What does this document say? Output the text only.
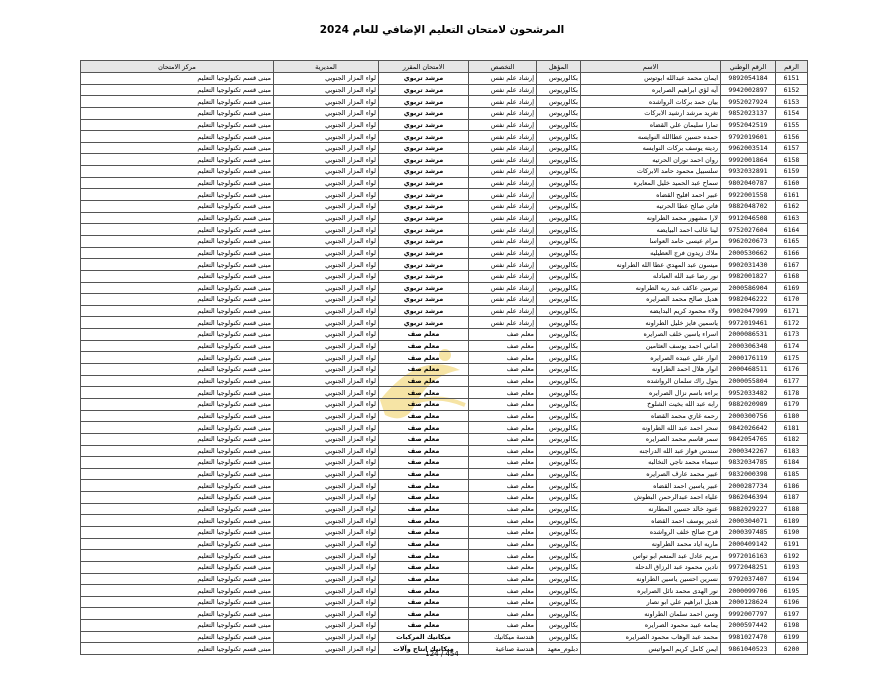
المرشحون لامتحان التعليم الإضافي للعام 2024
الرقم	الرقم الوطني	الاسم	المؤهل	التخصص	الامتحان المقرر	المديرية	مركز الامتحان
6151	9892054184	ايمان محمد عبدالله ابوتوس	بكالوريوس	إرشاد علم نفس	مرشد تربوي	لواء المزار الجنوبي	مبنى قسم تكنولوجيا التعليم
6152	9942002897	آيه لؤي ابراهيم الصرايره	بكالوريوس	إرشاد علم نفس	مرشد تربوي	لواء المزار الجنوبي	مبنى قسم تكنولوجيا التعليم
6153	9952027924	بيان حمد بركات الرواشده	بكالوريوس	إرشاد علم نفس	مرشد تربوي	لواء المزار الجنوبي	مبنى قسم تكنولوجيا التعليم
6154	9852023137	تغريد مرشد ارشيد الابركات	بكالوريوس	إرشاد علم نفس	مرشد تربوي	لواء المزار الجنوبي	مبنى قسم تكنولوجيا التعليم
6155	9952042519	تمارا سليمان علي القضاه	بكالوريوس	إرشاد علم نفس	مرشد تربوي	لواء المزار الجنوبي	مبنى قسم تكنولوجيا التعليم
6156	9792019601	حمده حسين عطاالله النوايسه	بكالوريوس	إرشاد علم نفس	مرشد تربوي	لواء المزار الجنوبي	مبنى قسم تكنولوجيا التعليم
6157	9962003514	رديته يوسف بركات النوايسه	بكالوريوس	إرشاد علم نفس	مرشد تربوي	لواء المزار الجنوبي	مبنى قسم تكنولوجيا التعليم
6158	9992001864	روان احمد نوران الحرتيه	بكالوريوس	إرشاد علم نفس	مرشد تربوي	لواء المزار الجنوبي	مبنى قسم تكنولوجيا التعليم
6159	9932032891	سلسبيل محمود حامد الابركات	بكالوريوس	إرشاد علم نفس	مرشد تربوي	لواء المزار الجنوبي	مبنى قسم تكنولوجيا التعليم
6160	9802040787	سماح عبد الحميد خليل المعايره	بكالوريوس	إرشاد علم نفس	مرشد تربوي	لواء المزار الجنوبي	مبنى قسم تكنولوجيا التعليم
6161	9922001558	عبير احمد افليح القضاه	بكالوريوس	إرشاد علم نفس	مرشد تربوي	لواء المزار الجنوبي	مبنى قسم تكنولوجيا التعليم
6162	9882048702	فاتن صالح عطا الحرتيه	بكالوريوس	إرشاد علم نفس	مرشد تربوي	لواء المزار الجنوبي	مبنى قسم تكنولوجيا التعليم
6163	9912046508	لارا مشهور محمد الطراونه	بكالوريوس	إرشاد علم نفس	مرشد تربوي	لواء المزار الجنوبي	مبنى قسم تكنولوجيا التعليم
6164	9752027604	لينا غالب احمد البيايضه	بكالوريوس	إرشاد علم نفس	مرشد تربوي	لواء المزار الجنوبي	مبنى قسم تكنولوجيا التعليم
6165	9962020673	مرام عيسى حامد العواسا	بكالوريوس	إرشاد علم نفس	مرشد تربوي	لواء المزار الجنوبي	مبنى قسم تكنولوجيا التعليم
6166	2000530662	ملاك زيدون فرج العطيليه	بكالوريوس	إرشاد علم نفس	مرشد تربوي	لواء المزار الجنوبي	مبنى قسم تكنولوجيا التعليم
6167	9902031430	ميسون عبد المهدي عطا الله الطراونه	بكالوريوس	إرشاد علم نفس	مرشد تربوي	لواء المزار الجنوبي	مبنى قسم تكنولوجيا التعليم
6168	9982001827	نور رضا عبد الله العبادله	بكالوريوس	إرشاد علم نفس	مرشد تربوي	لواء المزار الجنوبي	مبنى قسم تكنولوجيا التعليم
6169	2000586904	نيرمين عاكف عبد ربه الطراونه	بكالوريوس	إرشاد علم نفس	مرشد تربوي	لواء المزار الجنوبي	مبنى قسم تكنولوجيا التعليم
6170	9982046222	هديل صالح محمد الصرايره	بكالوريوس	إرشاد علم نفس	مرشد تربوي	لواء المزار الجنوبي	مبنى قسم تكنولوجيا التعليم
6171	9902047999	ولاء محمود كريم البدايضه	بكالوريوس	إرشاد علم نفس	مرشد تربوي	لواء المزار الجنوبي	مبنى قسم تكنولوجيا التعليم
6172	9972019461	ياسمين فايز خليل الطراونه	بكالوريوس	إرشاد علم نفس	مرشد تربوي	لواء المزار الجنوبي	مبنى قسم تكنولوجيا التعليم
6173	2000086531	اسراء ياسين خلف الصرايره	بكالوريوس	معلم صف	معلم صف	لواء المزار الجنوبي	مبنى قسم تكنولوجيا التعليم
6174	2000306348	اماني احمد يوسف العثامين	بكالوريوس	معلم صف	معلم صف	لواء المزار الجنوبي	مبنى قسم تكنولوجيا التعليم
6175	2000176119	انوار علي عبيده الصرايره	بكالوريوس	معلم صف	معلم صف	لواء المزار الجنوبي	مبنى قسم تكنولوجيا التعليم
6176	2000468511	انوار هلال احمد الطراونه	بكالوريوس	معلم صف	معلم صف	لواء المزار الجنوبي	مبنى قسم تكنولوجيا التعليم
6177	2000055804	بتول راك سلمان الرواشده	بكالوريوس	معلم صف	معلم صف	لواء المزار الجنوبي	مبنى قسم تكنولوجيا التعليم
6178	9952033482	براءه باسم نزال الصرايره	بكالوريوس	معلم صف	معلم صف	لواء المزار الجنوبي	مبنى قسم تكنولوجيا التعليم
6179	9882020989	رابه عبد الله بخيت الشلوخ	بكالوريوس	معلم صف	معلم صف	لواء المزار الجنوبي	مبنى قسم تكنولوجيا التعليم
6180	2000300756	رحمه غازي محمد القضاه	بكالوريوس	معلم صف	معلم صف	لواء المزار الجنوبي	مبنى قسم تكنولوجيا التعليم
6181	9842026642	سحر احمد عبد الله الطراونه	بكالوريوس	معلم صف	معلم صف	لواء المزار الجنوبي	مبنى قسم تكنولوجيا التعليم
6182	9842054765	سمر قاسم محمد الصرايره	بكالوريوس	معلم صف	معلم صف	لواء المزار الجنوبي	مبنى قسم تكنولوجيا التعليم
6183	2000342267	سندس فواز عبد الله الدراجنه	بكالوريوس	معلم صف	معلم صف	لواء المزار الجنوبي	مبنى قسم تكنولوجيا التعليم
6184	9832034785	سيماء محمد ناجي النخالبه	بكالوريوس	معلم صف	معلم صف	لواء المزار الجنوبي	مبنى قسم تكنولوجيا التعليم
6185	9832000398	عبير محمد عارف الصرايره	بكالوريوس	معلم صف	معلم صف	لواء المزار الجنوبي	مبنى قسم تكنولوجيا التعليم
6186	2000287734	عبير ياسين احمد القضاه	بكالوريوس	معلم صف	معلم صف	لواء المزار الجنوبي	مبنى قسم تكنولوجيا التعليم
6187	9862046394	علياء احمد عبدالرحمن البطوش	بكالوريوس	معلم صف	معلم صف	لواء المزار الجنوبي	مبنى قسم تكنولوجيا التعليم
6188	9882029227	عنود خالد حسين المطارنه	بكالوريوس	معلم صف	معلم صف	لواء المزار الجنوبي	مبنى قسم تكنولوجيا التعليم
6189	2000304071	غدير يوسف احمد القضاه	بكالوريوس	معلم صف	معلم صف	لواء المزار الجنوبي	مبنى قسم تكنولوجيا التعليم
6190	2000397485	فرح صالح خلف الرواشده	بكالوريوس	معلم صف	معلم صف	لواء المزار الجنوبي	مبنى قسم تكنولوجيا التعليم
6191	2000409142	ماريه اياد محمد الطراونه	بكالوريوس	معلم صف	معلم صف	لواء المزار الجنوبي	مبنى قسم تكنولوجيا التعليم
6192	9972016163	مريم عادل عبد المنعم ابو نواس	بكالوريوس	معلم صف	معلم صف	لواء المزار الجنوبي	مبنى قسم تكنولوجيا التعليم
6193	9972048251	نادين محمود عبد الرزاق الدحله	بكالوريوس	معلم صف	معلم صف	لواء المزار الجنوبي	مبنى قسم تكنولوجيا التعليم
6194	9792037407	نسرين احسين ياسين الطراونه	بكالوريوس	معلم صف	معلم صف	لواء المزار الجنوبي	مبنى قسم تكنولوجيا التعليم
6195	2000099706	نور الهدى محمد نائل الصرايره	بكالوريوس	معلم صف	معلم صف	لواء المزار الجنوبي	مبنى قسم تكنولوجيا التعليم
6196	2000128624	هديل ابراهيم علي ابو نصار	بكالوريوس	معلم صف	معلم صف	لواء المزار الجنوبي	مبنى قسم تكنولوجيا التعليم
6197	9992007797	وسن احمد سلمان الطراونه	بكالوريوس	معلم صف	معلم صف	لواء المزار الجنوبي	مبنى قسم تكنولوجيا التعليم
6198	2000597442	يمامه عبيد محمود الصرايره	بكالوريوس	معلم صف	معلم صف	لواء المزار الجنوبي	مبنى قسم تكنولوجيا التعليم
6199	9981027470	محمد عبد الوهاب محمود الصرايره	بكالوريوس	هندسة ميكانيك	ميكانيك المركبات	لواء المزار الجنوبي	مبنى قسم تكنولوجيا التعليم
6200	9861040523	ايمن كامل كريم المواتيس	دبلوم_معهد	هندسة صناعية	ميكانيك انتاج وآلات	لواء المزار الجنوبي	مبنى قسم تكنولوجيا التعليم
124 / 454
